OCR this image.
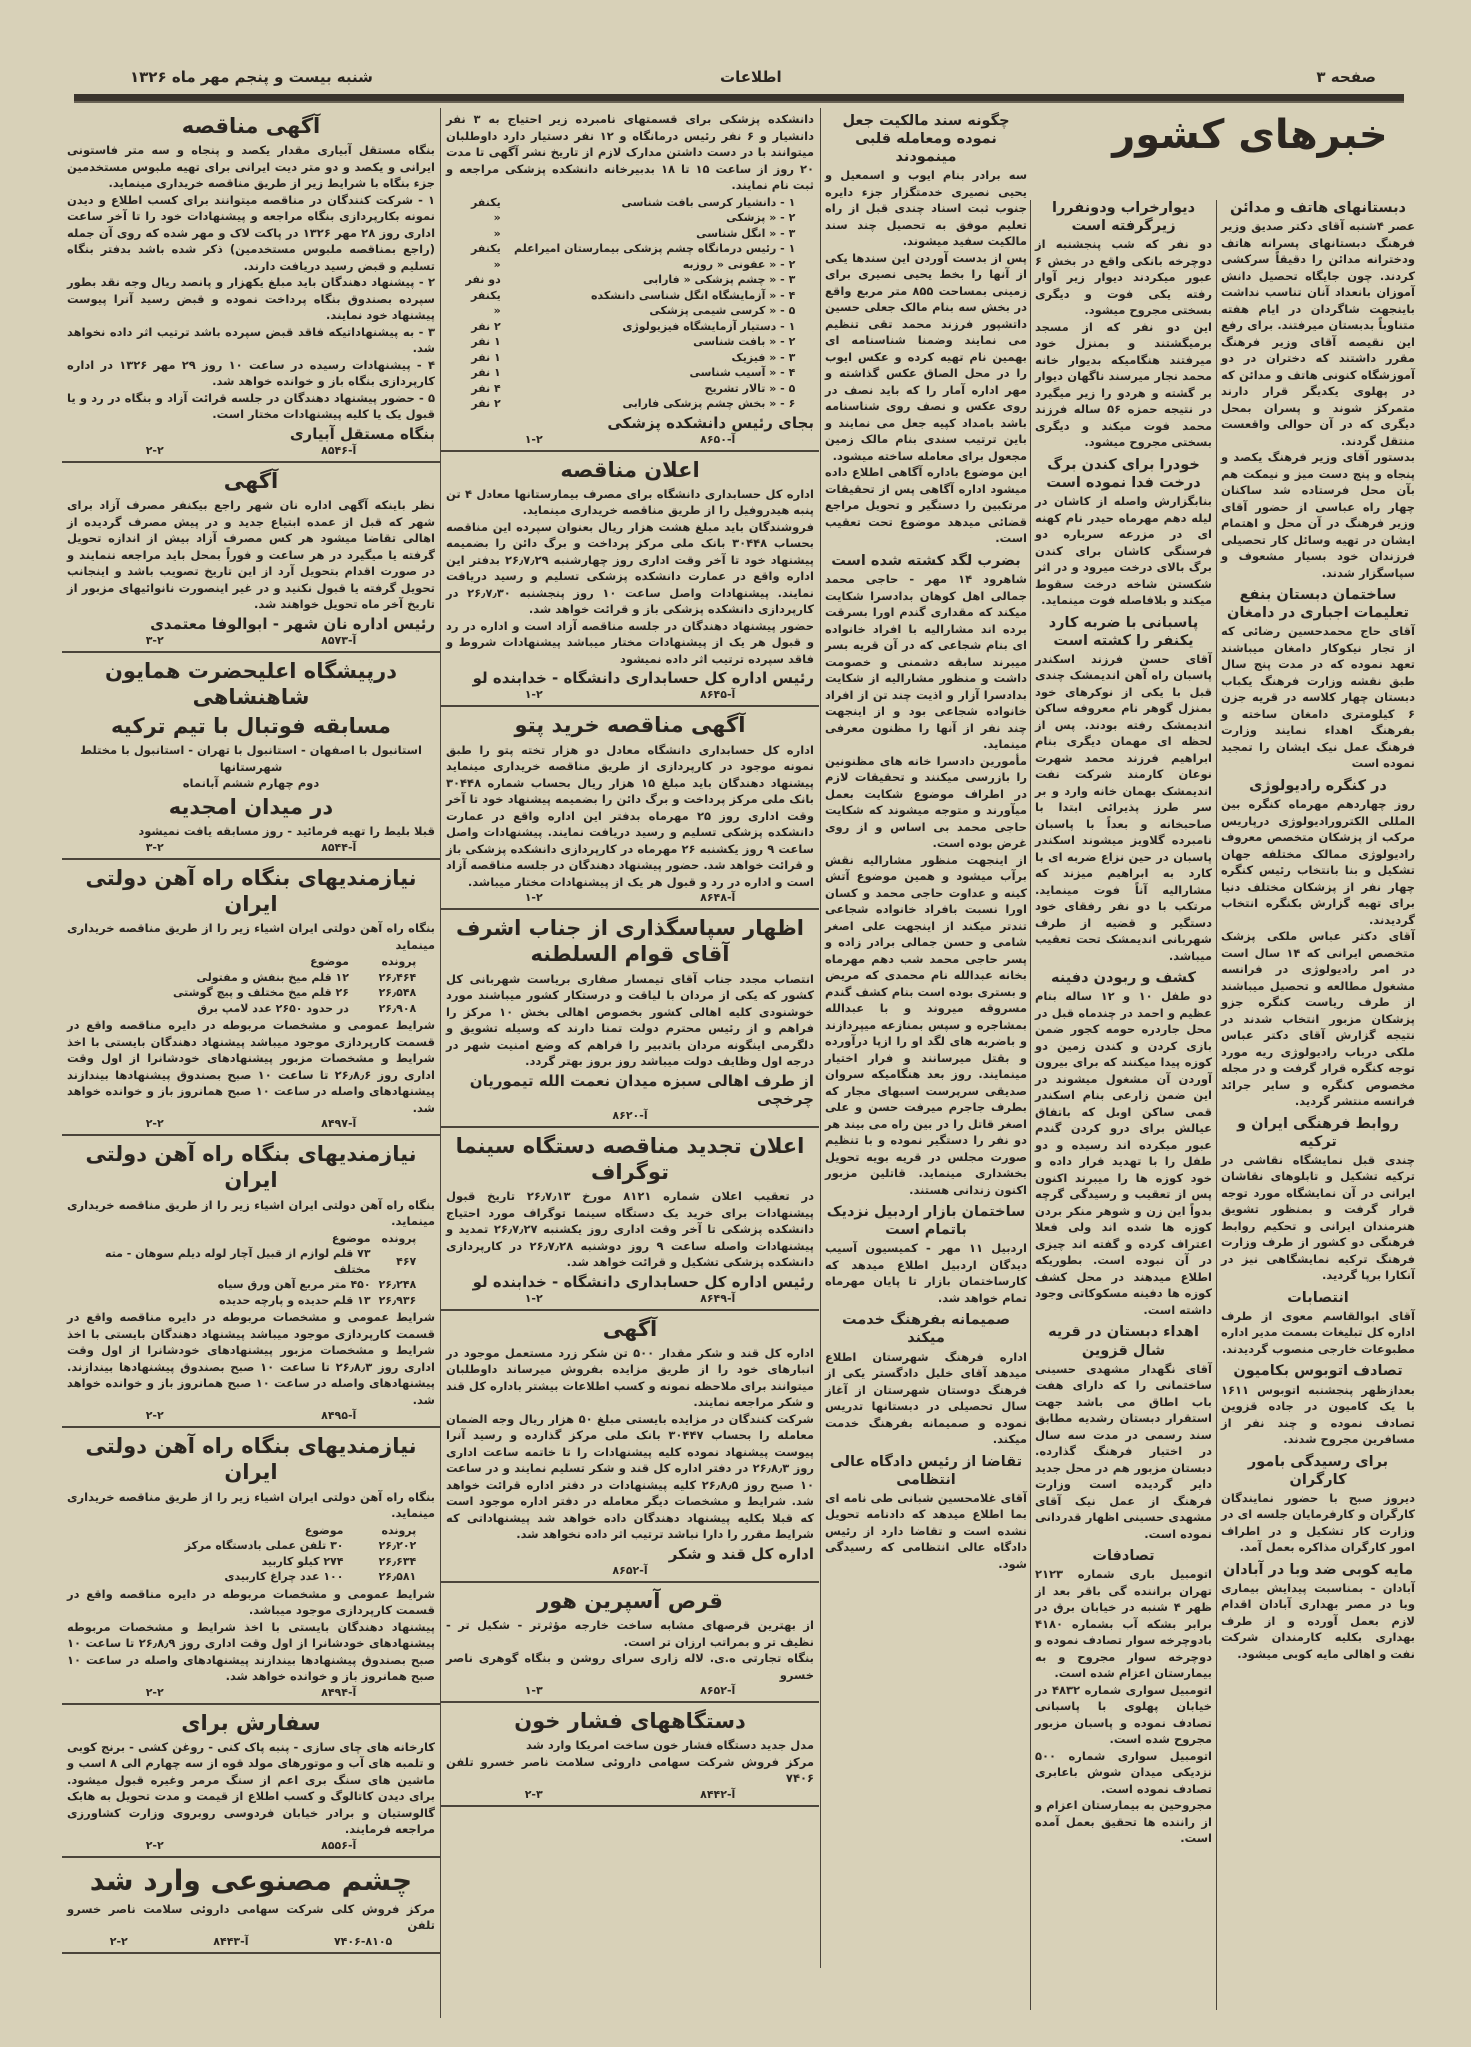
صفحه ۳
اطلاعات
شنبه بیست و پنجم مهر ماه ۱۳۲۶
خبرهای کشور
آگهی مناقصه

بنگاه مستقل آبیاری مقدار یکصد و پنجاه و سه متر فاستونی ایرانی و یکصد و دو متر دیت ایرانی برای تهیه ملبوس مستخدمین جزء بنگاه با شرایط زیر از طریق مناقصه خریداری مینماید.

۱ - شرکت کنندگان در مناقصه میتوانند برای کسب اطلاع و دیدن نمونه بکارپردازی بنگاه مراجعه و پیشنهادات خود را تا آخر ساعت اداری روز ۲۸ مهر ۱۳۲۶ در پاکت لاک و مهر شده که روی آن جمله (راجع بمناقصه ملبوس مستخدمین) ذکر شده باشد بدفتر بنگاه تسلیم و قبض رسید دریافت دارند.

۲ - پیشنهاد دهندگان باید مبلغ یکهزار و پانصد ریال وجه نقد بطور سپرده بصندوق بنگاه پرداخت نموده و قبض رسید آنرا پیوست پیشنهاد خود نمایند.

۳ - به پیشنهاداتیکه فاقد قبض سپرده باشد ترتیب اثر داده نخواهد شد.

۴ - پیشنهادات رسیده در ساعت ۱۰ روز ۲۹ مهر ۱۳۲۶ در اداره کارپردازی بنگاه باز و خوانده خواهد شد.

۵ - حضور پیشنهاد دهندگان در جلسه قرائت آزاد و بنگاه در رد و یا قبول یک یا کلیه پیشنهادات مختار است.

بنگاه مستقل آبیاری
آ-۸۵۴۶
۲-۲
آگهی

نظر باینکه آگهی اداره نان شهر راجع بیکنفر مصرف آزاد برای شهر که قبل از عمده ابتیاع جدید و در پیش مصرف گردیده از اهالی تقاضا میشود هر کس مصرف آزاد بیش از اندازه تحویل گرفته یا میگیرد در هر ساعت و فوراً بمحل باید مراجعه ننمایند و در صورت اقدام بتحویل آرد از این تاریخ تصویب باشد و اینجانب تحویل گرفته یا قبول نکنید و در غیر اینصورت نانوائیهای مزبور از تاریخ آخر ماه تحویل خواهند شد.

رئیس اداره نان شهر - ابوالوفا معتمدی
آ-۸۵۷۳
۳-۲
درپیشگاه اعلیحضرت همایون شاهنشاهی
مسابقه فوتبال با تیم ترکیه
استانبول با اصفهان - استانبول با تهران - استانبول با مختلط شهرستانها
دوم چهارم ششم آبانماه
در میدان امجدیه

قبلا بلیط را تهیه فرمائید - روز مسابقه یافت نمیشود

آ-۸۵۴۴
۳-۲
نیازمندیهای بنگاه راه آهن دولتی ایران

بنگاه راه آهن دولتی ایران اشیاء زیر را از طریق مناقصه خریداری مینماید

پرونده	موضوع
۲۶٫۴۶۴	۱۲ قلم میخ بنفش و مفتولی
۲۶٫۵۴۸	۲۶ قلم میخ مختلف و پیچ گوشتی
۲۶٫۹۰۸	در حدود ۲۶۵۰ عدد لامپ برق

شرایط عمومی و مشخصات مربوطه در دایره مناقصه واقع در قسمت کارپردازی موجود میباشد پیشنهاد دهندگان بایستی با اخذ شرایط و مشخصات مزبور پیشنهادهای خودشانرا از اول وقت اداری روز ۲۶٫۸٫۶ تا ساعت ۱۰ صبح بصندوق پیشنهادها بیندازند پیشنهادهای واصله در ساعت ۱۰ صبح همانروز باز و خوانده خواهد شد.

آ-۸۴۹۷
۲-۲
نیازمندیهای بنگاه راه آهن دولتی ایران

بنگاه راه آهن دولتی ایران اشیاء زیر را از طریق مناقصه خریداری مینماید.

پرونده	موضوع
۴۶۷	۷۳ قلم لوازم از قبیل آچار لوله دیلم سوهان - مته مختلف
۲۶٫۲۴۸	۴۵۰ متر مربع آهن ورق سیاه
۲۶٫۹۳۶	۱۳ قلم حدیده و پارچه حدیده

شرایط عمومی و مشخصات مربوطه در دایره مناقصه واقع در قسمت کارپردازی موجود میباشد پیشنهاد دهندگان بایستی با اخذ شرایط و مشخصات مزبور پیشنهادهای خودشانرا از اول وقت اداری روز ۲۶٫۸٫۳ تا ساعت ۱۰ صبح بصندوق پیشنهادها بیندازند. پیشنهادهای واصله در ساعت ۱۰ صبح همانروز باز و خوانده خواهد شد.

آ-۸۴۹۵
۲-۲
نیازمندیهای بنگاه راه آهن دولتی ایران

بنگاه راه آهن دولتی ایران اشیاء زیر را از طریق مناقصه خریداری مینماید.

پرونده	موضوع
۲۶٫۲۰۲	۳۰ تلفن عملی بادستگاه مرکز
۲۶٫۶۳۴	۲۷۴ کیلو کاربید
۲۶٫۵۸۱	۱۰۰ عدد چراغ کاربیدی

شرایط عمومی و مشخصات مربوطه در دایره مناقصه واقع در قسمت کارپردازی موجود میباشد.

پیشنهاد دهندگان بایستی با اخذ شرایط و مشخصات مربوطه پیشنهادهای خودشانرا از اول وقت اداری روز ۲۶٫۸٫۹ تا ساعت ۱۰ صبح بصندوق پیشنهادها بیندازند پیشنهادهای واصله در ساعت ۱۰ صبح همانروز باز و خوانده خواهد شد.

آ-۸۴۹۴
۲-۲
سفارش برای

کارخانه های چای سازی - پنبه پاک کنی - روغن کشی - برنج کوبی و تلمبه های آب و موتورهای مولد قوه از سه چهارم الی ۸ اسب و ماشین های سنگ بری اعم از سنگ مرمر وغیره قبول میشود. برای دیدن کاتالوگ و کسب اطلاع از قیمت و مدت تحویل به هابک گالوستیان و برادر خیابان فردوسی روبروی وزارت کشاورزی مراجعه فرمایند.

آ-۸۵۵۶
۲-۲
چشم مصنوعی وارد شد

مرکز فروش کلی شرکت سهامی داروئی سلامت ناصر خسرو تلفن

۷۴۰۶-۸۱۰۵
آ-۸۴۴۳
۲-۲

دانشکده پزشکی برای قسمتهای نامبرده زیر احتیاج به ۳ نفر دانشیار و ۶ نفر رئیس درمانگاه و ۱۲ نفر دستیار دارد داوطلبان میتوانند با در دست داشتن مدارک لازم از تاریخ نشر آگهی تا مدت ۲۰ روز از ساعت ۱۵ تا ۱۸ بدبیرخانه دانشکده پزشکی مراجعه و ثبت نام نمایند.

۱ - دانشیار کرسی بافت شناسی	یکنفر
۲ - « پزشکی	«
۳ - « انگل شناسی	«
۱ - رئیس درمانگاه چشم پزشکی بیمارستان امیراعلم	یکنفر
۲ - « عفونی « روزبه	«
۳ - « چشم پزشکی « فارابی	دو نفر
۴ - « آزمایشگاه انگل شناسی دانشکده	یکنفر
۵ - « کرسی شیمی پزشکی	«
۱ - دستیار آزمایشگاه فیزیولوژی	۲ نفر
۲ - « بافت شناسی	۱ نفر
۳ - « فیزیک	۱ نفر
۴ - « آسیب شناسی	۱ نفر
۵ - « تالار تشریح	۴ نفر
۶ - « بخش چشم پزشکی فارابی	۲ نفر
بجای رئیس دانشکده پزشکی
آ-۸۶۵۰
۱-۲
اعلان مناقصه

اداره کل حسابداری دانشگاه برای مصرف بیمارستانها معادل ۴ تن پنبه هیدروفیل را از طریق مناقصه خریداری مینماید.

فروشندگان باید مبلغ هشت هزار ریال بعنوان سپرده این مناقصه بحساب ۳۰۴۴۸ بانک ملی مرکز پرداخت و برگ دائن را بضمیمه پیشنهاد خود تا آخر وقت اداری روز چهارشنبه ۲۶٫۷٫۲۹ بدفتر این اداره واقع در عمارت دانشکده پزشکی تسلیم و رسید دریافت نمایند. پیشنهادات واصل ساعت ۱۰ روز پنجشنبه ۲۶٫۷٫۳۰ در کارپردازی دانشکده پزشکی باز و قرائت خواهد شد.

حضور پیشنهاد دهندگان در جلسه مناقصه آزاد است و اداره در رد و قبول هر یک از پیشنهادات مختار میباشد پیشنهادات شروط و فاقد سپرده ترتیب اثر داده نمیشود

رئیس اداره کل حسابداری دانشگاه - خدابنده لو
آ-۸۶۴۵
۱-۲
آگهی مناقصه خرید پتو

اداره کل حسابداری دانشگاه معادل دو هزار تخته پتو را طبق نمونه موجود در کارپردازی از طریق مناقصه خریداری مینماید پیشنهاد دهندگان باید مبلغ ۱۵ هزار ریال بحساب شماره ۳۰۴۴۸ بانک ملی مرکز پرداخت و برگ دائن را بضمیمه پیشنهاد خود تا آخر وقت اداری روز ۲۵ مهرماه بدفتر این اداره واقع در عمارت دانشکده پزشکی تسلیم و رسید دریافت نمایند. پیشنهادات واصل ساعت ۹ روز یکشنبه ۲۶ مهرماه در کارپردازی دانشکده پزشکی باز و قرائت خواهد شد. حضور پیشنهاد دهندگان در جلسه مناقصه آزاد است و اداره در رد و قبول هر یک از پیشنهادات مختار میباشد.

آ-۸۶۴۸
۱-۲
اظهار سپاسگذاری از جناب اشرف آقای قوام السلطنه

انتصاب مجدد جناب آقای تیمسار صفاری بریاست شهربانی کل کشور که یکی از مردان با لیاقت و درستکار کشور میباشند مورد خوشنودی کلیه اهالی کشور بخصوص اهالی بخش ۱۰ مرکز را فراهم و از رئیس محترم دولت تمنا دارند که وسیله تشویق و دلگرمی اینگونه مردان باتدبیر را فراهم که وضع امنیت شهر در درجه اول وظایف دولت میباشد روز بروز بهتر گردد.

از طرف اهالی سبزه میدان نعمت الله تیموریان چرخچی
آ-۸۶۲۰
اعلان تجدید مناقصه دستگاه سینما توگراف

در تعقیب اعلان شماره ۸۱۲۱ مورخ ۲۶٫۷٫۱۳ تاریخ قبول پیشنهادات برای خرید یک دستگاه سینما توگراف مورد احتیاج دانشکده پزشکی تا آخر وقت اداری روز یکشنبه ۲۶٫۷٫۲۷ تمدید و پیشنهادات واصله ساعت ۹ روز دوشنبه ۲۶٫۷٫۲۸ در کارپردازی دانشکده پزشکی تشکیل و قرائت خواهد شد.

رئیس اداره کل حسابداری دانشگاه - خدابنده لو
آ-۸۶۴۹
۱-۲
آگهی

اداره کل قند و شکر مقدار ۵۰۰ تن شکر زرد مستعمل موجود در انبارهای خود را از طریق مزایده بفروش میرساند داوطلبان میتوانند برای ملاحظه نمونه و کسب اطلاعات بیشتر باداره کل قند و شکر مراجعه نمایند.

شرکت کنندگان در مزایده بایستی مبلغ ۵۰ هزار ریال وجه الضمان معامله را بحساب ۳۰۴۴۷ بانک ملی مرکز گذارده و رسید آنرا پیوست پیشنهاد نموده کلیه پیشنهادات را تا خاتمه ساعت اداری روز ۲۶٫۸٫۳ در دفتر اداره کل قند و شکر تسلیم نمایند و در ساعت ۱۰ صبح روز ۲۶٫۸٫۵ کلیه پیشنهادات در دفتر اداره قرائت خواهد شد. شرایط و مشخصات دیگر معامله در دفتر اداره موجود است که قبلا بکلیه پیشنهاد دهندگان داده خواهد شد پیشنهاداتی که شرایط مقرر را دارا نباشد ترتیب اثر داده نخواهد شد.

اداره کل قند و شکر
آ-۸۶۵۲
قرص آسپرین هور

از بهترین قرصهای مشابه ساخت خارجه مؤثرتر - شکیل تر - نظیف تر و بمراتب ارزان تر است.

بنگاه تجارتی ه.ی. لاله زاری سرای روشن و بنگاه گوهری ناصر خسرو

آ-۸۶۵۲
۱-۳
دستگاههای فشار خون

مدل جدید دستگاه فشار خون ساخت امریکا وارد شد

مرکز فروش شرکت سهامی داروئی سلامت ناصر خسرو تلفن ۷۴۰۶

آ-۸۴۴۲
۲-۳
چگونه سند مالکیت جعل نموده ومعامله قلبی مینمودند

سه برادر بنام ایوب و اسمعیل و یحیی نصیری خدمتگزار جزء دایره جنوب ثبت اسناد چندی قبل از راه تعلیم موفق به تحصیل چند سند مالکیت سفید میشوند.

پس از بدست آوردن این سندها یکی از آنها را بخط یحیی نصیری برای زمینی بمساحت ۸۵۵ متر مربع واقع در بخش سه بنام مالک جعلی حسین داتشپور فرزند محمد تقی تنظیم می نمایند وضمنا شناسنامه ای بهمین نام تهیه کرده و عکس ایوب را در محل الصاق عکس گذاشته و مهر اداره آمار را که باید نصف در روی عکس و نصف روی شناسنامه باشد بامداد کپیه جعل می نمایند و باین ترتیب سندی بنام مالک زمین مجعول برای معامله ساخته میشود.

این موضوع باداره آگاهی اطلاع داده میشود اداره آگاهی پس از تحقیقات مرتکبین را دستگیر و تحویل مراجع قضائی میدهد موضوع تحت تعقیب است.

بضرب لگد کشته شده است

شاهرود ۱۴ مهر - حاجی محمد جمالی اهل کوهان بدادسرا شکایت میکند که مقداری گندم اورا بسرقت برده اند مشارالیه با افراد خانواده ای بنام شجاعی که در آن قریه بسر میبرند سابقه دشمنی و خصومت داشت و منظور مشارالیه از شکایت بدادسرا آزار و اذیت چند تن از افراد خانواده شجاعی بود و از اینجهت چند نفر از آنها را مظنون معرفی مینماید.

مأمورین دادسرا خانه های مظنونین را بازرسی میکنند و تحقیقات لازم در اطراف موضوع شکایت بعمل میآورند و متوجه میشوند که شکایت حاجی محمد بی اساس و از روی غرض بوده است.

از اینجهت منظور مشارالیه نقش برآب میشود و همین موضوع آتش کینه و عداوت حاجی محمد و کسان اورا نسبت بافراد خانواده شجاعی تندتر میکند از اینجهت علی اصغر شامی و حسن جمالی برادر زاده و پسر حاجی محمد شب دهم مهرماه بخانه عبدالله نام محمدی که مریض و بستری بوده است بنام کشف گندم مسروقه میروند و با عبدالله بمشاجره و سپس بمنازعه میپردازند و باضربه های لگد او را ازپا درآورده و بقتل میرسانند و فرار اختیار مینمایند. روز بعد هنگامیکه سروان صدیقی سرپرست اسبهای مجار که بطرف جاجرم میرفت حسن و علی اصغر قاتل را در بین راه می بیند هر دو نفر را دستگیر نموده و با تنظیم صورت مجلس در قریه بویه تحویل بخشداری مینماید. قاتلین مزبور اکنون زندانی هستند.

ساختمان بازار اردبیل نزدیک باتمام است

اردبیل ۱۱ مهر - کمیسیون آسیب دیدگان اردبیل اطلاع میدهد که کارساختمان بازار تا پایان مهرماه تمام خواهد شد.

صمیمانه بفرهنگ خدمت میکند

اداره فرهنگ شهرستان اطلاع میدهد آقای خلیل دادگستر یکی از فرهنگ دوستان شهرستان از آغاز سال تحصیلی در دبستانها تدریس نموده و صمیمانه بفرهنگ خدمت میکند.

تقاضا از رئیس دادگاه عالی انتظامی

آقای غلامحسین شبانی طی نامه ای بما اطلاع میدهد که دادنامه تحویل نشده است و تقاضا دارد از رئیس دادگاه عالی انتظامی که رسیدگی شود.

دیوارخراب ودونفررا زیرگرفته است

دو نفر که شب پنجشنبه از دوچرخه بانکی واقع در بخش ۶ عبور میکردند دیوار زیر آوار رفته یکی فوت و دیگری بسختی مجروح میشود.

این دو نفر که از مسجد برمیگشتند و بمنزل خود میرفتند هنگامیکه بدیوار خانه محمد نجار میرسند ناگهان دیوار بر گشته و هردو را زیر میگیرد در نتیجه حمزه ۵۶ ساله فرزند محمد فوت میکند و دیگری بسختی مجروح میشود.

خودرا برای کندن برگ درخت فدا نموده است

بنابگزارش واصله از کاشان در لیله دهم مهرماه حیدر نام کهنه ای در مزرعه سرباره دو فرسنگی کاشان برای کندن برگ بالای درخت میرود و در اثر شکستن شاخه درخت سقوط میکند و بلافاصله فوت مینماید.

پاسبانی با ضربه کارد یکنفر را کشته است

آقای حسن فرزند اسکندر پاسبان راه آهن اندیمشک چندی قبل با یکی از نوکرهای خود بمنزل گوهر نام معروفه ساکن اندیمشک رفته بودند. پس از لحظه ای مهمان دیگری بنام ابراهیم فرزند محمد شهرت نوعان کارمند شرکت نفت اندیمشک بهمان خانه وارد و بر سر طرز پذیرائی ابتدا با صاحبخانه و بعداً با پاسبان نامبرده گلاویز میشوند اسکندر پاسبان در حین نزاع ضربه ای با کارد به ابراهیم میزند که مشارالیه آناً فوت مینماید. مرتکب با دو نفر رفقای خود دستگیر و قضیه از طرف شهربانی اندیمشک تحت تعقیب میباشد.

کشف و ربودن دفینه

دو طفل ۱۰ و ۱۲ ساله بنام عظیم و احمد در چندماه قبل در محل جاردره حومه کجور ضمن بازی کردن و کندن زمین دو کوزه پیدا میکنند که برای بیرون آوردن آن مشغول میشوند در این ضمن زارعی بنام اسکندر قمی ساکن اوبل که باتفاق عیالش برای درو کردن گندم عبور میکرده اند رسیده و دو طفل را با تهدید فرار داده و خود کوزه ها را میبرند اکنون پس از تعقیب و رسیدگی گرچه بدواً این زن و شوهر منکر بردن کوزه ها شده اند ولی فعلا اعتراف کرده و گفته اند چیزی در آن نبوده است. بطوریکه اطلاع میدهند در محل کشف کوزه ها دفینه مسکوکاتی وجود داشته است.

اهداء دبستان در قریه شال قزوین

آقای نگهدار مشهدی حسینی ساختمانی را که دارای هفت باب اطاق می باشد جهت استقرار دبستان رشدیه مطابق سند رسمی در مدت سه سال در اختیار فرهنگ گذارده. دبستان مزبور هم در محل جدید دایر گردیده است وزارت فرهنگ از عمل نیک آقای مشهدی حسینی اظهار قدردانی نموده است.

تصادفات

اتومبیل باری شماره ۲۱۲۳ تهران براننده گی باقر بعد از ظهر ۴ شنبه در خیابان برق در برابر بشکه آب بشماره ۴۱۸۰ بادوچرخه سوار تصادف نموده و دوچرخه سوار مجروح و به بیمارستان اعزام شده است.

اتومبیل سواری شماره ۴۸۳۲ در خیابان پهلوی با پاسبانی تصادف نموده و پاسبان مزبور مجروح شده است.

اتومبیل سواری شماره ۵۰۰ نزدیکی میدان شوش باعابری تصادف نموده است.

مجروحین به بیمارستان اعزام و از راننده ها تحقیق بعمل آمده است.

دبستانهای هاتف و مدائن

عصر ۴شنبه آقای دکتر صدیق وزیر فرهنگ دبستانهای پسرانه هاتف ودخترانه مدائن را دقیقاً سرکشی کردند. چون جایگاه تحصیل دانش آموزان بانعداد آنان تناسب نداشت باینجهت شاگردان در ایام هفته متناوباً بدبستان میرفتند. برای رفع این نقیصه آقای وزیر فرهنگ مقرر داشتند که دختران در دو آموزشگاه کنونی هاتف و مدائن که در پهلوی یکدیگر قرار دارند متمرکز شوند و پسران بمحل دیگری که در آن حوالی واقعست منتقل گردند.

بدستور آقای وزیر فرهنگ یکصد و پنجاه و پنج دست میز و نیمکت هم بآن محل فرستاده شد ساکنان چهار راه عباسی از حضور آقای وزیر فرهنگ در آن محل و اهتمام ایشان در تهیه وسائل کار تحصیلی فرزندان خود بسیار مشعوف و سپاسگزار شدند.

ساختمان دبستان بنفع تعلیمات اجباری در دامغان

آقای حاج محمدحسین رضائی که از تجار نیکوکار دامغان میباشند تعهد نموده که در مدت پنج سال طبق نقشه وزارت فرهنگ یکباب دبستان چهار کلاسه در قریه جزن ۶ کیلومتری دامغان ساخته و بفرهنگ اهداء نمایند وزارت فرهنگ عمل نیک ایشان را تمجید نموده است

در کنگره رادیولوژی

روز چهاردهم مهرماه کنگره بین المللی الکترورادیولوژی درپاریس مرکب از پزشکان متخصص معروف رادیولوژی ممالک مختلفه جهان تشکیل و بنا بانتخاب رئیس کنگره چهار نفر از پزشکان مختلف دنیا برای تهیه گزارش بکنگره انتخاب گردیدند.

آقای دکتر عباس ملکی پزشک متخصص ایرانی که ۱۴ سال است در امر رادیولوژی در فرانسه مشغول مطالعه و تحصیل میباشند از طرف ریاست کنگره جزو پزشکان مزبور انتخاب شدند در نتیجه گزارش آقای دکتر عباس ملکی درباب رادیولوژی ریه مورد توجه کنگره قرار گرفت و در مجله مخصوص کنگره و سایر جرائد فرانسه منتشر گردید.

روابط فرهنگی ایران و ترکیه

چندی قبل نمایشگاه نقاشی در ترکیه تشکیل و تابلوهای نقاشان ایرانی در آن نمایشگاه مورد توجه قرار گرفت و بمنظور تشویق هنرمندان ایرانی و تحکیم روابط فرهنگی دو کشور از طرف وزارت فرهنگ ترکیه نمایشگاهی نیز در آنکارا برپا گردید.

انتصابات

آقای ابوالقاسم معوی از طرف اداره کل تبلیغات بسمت مدیر اداره مطبوعات خارجی منصوب گردیدند.

تصادف اتوبوس بکامیون

بعدازظهر پنجشنبه اتوبوس ۱۶۱۱ با یک کامیون در جاده قزوین تصادف نموده و چند نفر از مسافرین مجروح شدند.

برای رسیدگی بامور کارگران

دیروز صبح با حضور نمایندگان کارگران و کارفرمایان جلسه ای در وزارت کار تشکیل و در اطراف امور کارگران مذاکره بعمل آمد.

مایه کوبی ضد وبا در آبادان

آبادان - بمناسبت پیدایش بیماری وبا در مصر بهداری آبادان اقدام لازم بعمل آورده و از طرف بهداری بکلیه کارمندان شرکت نفت و اهالی مایه کوبی میشود.
